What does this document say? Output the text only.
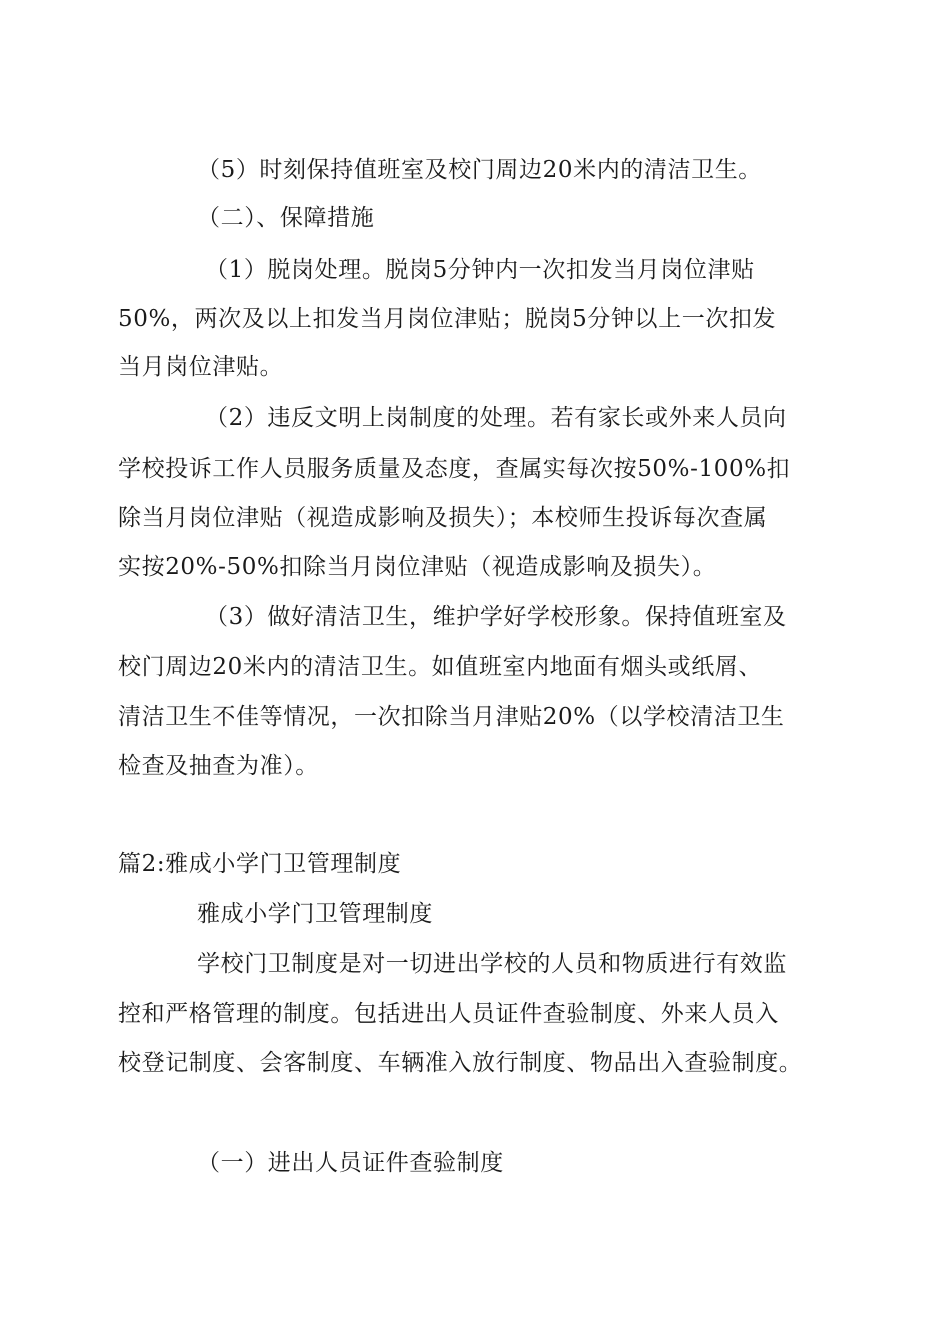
（5）时刻保持值班室及校门周边20米内的清洁卫生。

（二）、保障措施

（1）脱岗处理。脱岗5分钟内一次扣发当月岗位津贴

50%，两次及以上扣发当月岗位津贴；脱岗5分钟以上一次扣发

当月岗位津贴。

（2）违反文明上岗制度的处理。若有家长或外来人员向

学校投诉工作人员服务质量及态度，查属实每次按50%-100%扣

除当月岗位津贴（视造成影响及损失）；本校师生投诉每次查属

实按20%-50%扣除当月岗位津贴（视造成影响及损失）。

（3）做好清洁卫生，维护学好学校形象。保持值班室及

校门周边20米内的清洁卫生。如值班室内地面有烟头或纸屑、

清洁卫生不佳等情况，一次扣除当月津贴20%（以学校清洁卫生

检查及抽查为准）。

篇2:雅成小学门卫管理制度

雅成小学门卫管理制度

学校门卫制度是对一切进出学校的人员和物质进行有效监

控和严格管理的制度。包括进出人员证件查验制度、外来人员入

校登记制度、会客制度、车辆准入放行制度、物品出入查验制度。

（一）进出人员证件查验制度
